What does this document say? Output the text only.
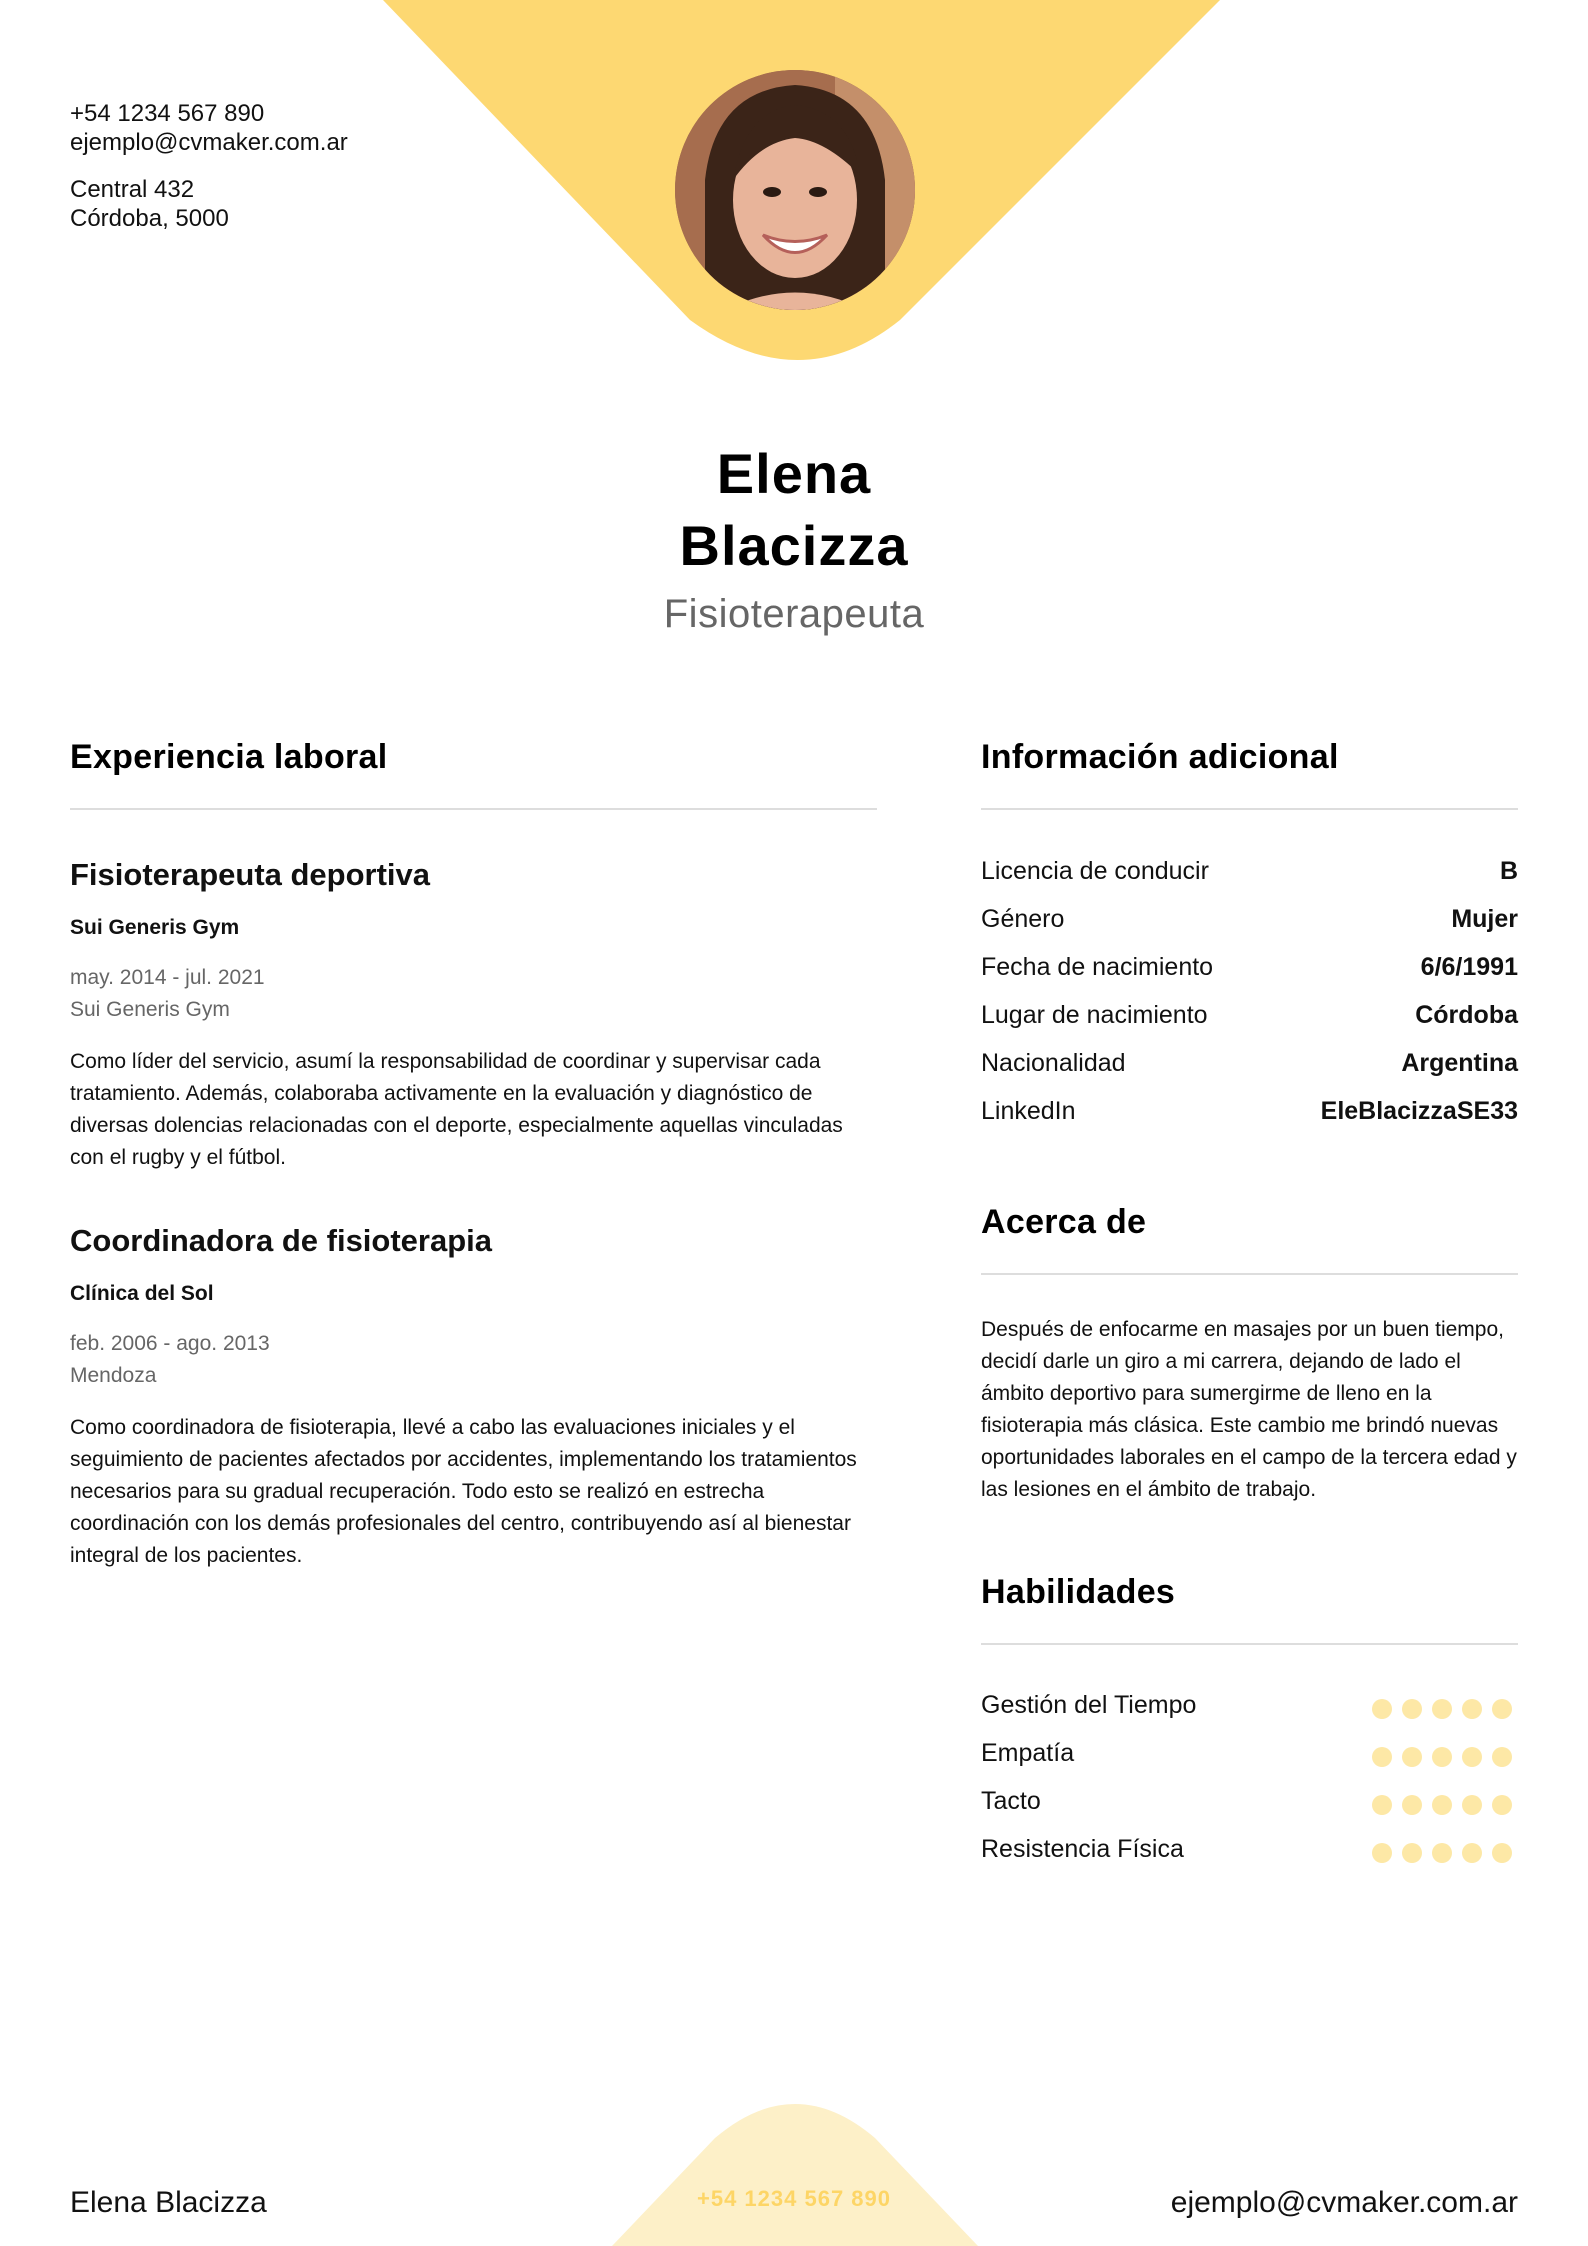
+54 1234 567 890
ejemplo@cvmaker.com.ar
Central 432
Córdoba, 5000
Elena
Blacizza
Fisioterapeuta
Experiencia laboral
Fisioterapeuta deportiva
Sui Generis Gym
may. 2014 - jul. 2021
Sui Generis Gym
Como líder del servicio, asumí la responsabilidad de coordinar y supervisar cada tratamiento. Además, colaboraba activamente en la evaluación y diagnóstico de diversas dolencias relacionadas con el deporte, especialmente aquellas vinculadas con el rugby y el fútbol.
Coordinadora de fisioterapia
Clínica del Sol
feb. 2006 - ago. 2013
Mendoza
Como coordinadora de fisioterapia, llevé a cabo las evaluaciones iniciales y el seguimiento de pacientes afectados por accidentes, implementando los tratamientos necesarios para su gradual recuperación. Todo esto se realizó en estrecha coordinación con los demás profesionales del centro, contribuyendo así al bienestar integral de los pacientes.
Información adicional
Licencia de conducir	B
Género	Mujer
Fecha de nacimiento	6/6/1991
Lugar de nacimiento	Córdoba
Nacionalidad	Argentina
LinkedIn	EleBlacizzaSE33
Acerca de
Después de enfocarme en masajes por un buen tiempo, decidí darle un giro a mi carrera, dejando de lado el ámbito deportivo para sumergirme de lleno en la fisioterapia más clásica. Este cambio me brindó nuevas oportunidades laborales en el campo de la tercera edad y las lesiones en el ámbito de trabajo.
Habilidades
Gestión del Tiempo
Empatía
Tacto
Resistencia Física
Elena Blacizza	+54 1234 567 890	ejemplo@cvmaker.com.ar
